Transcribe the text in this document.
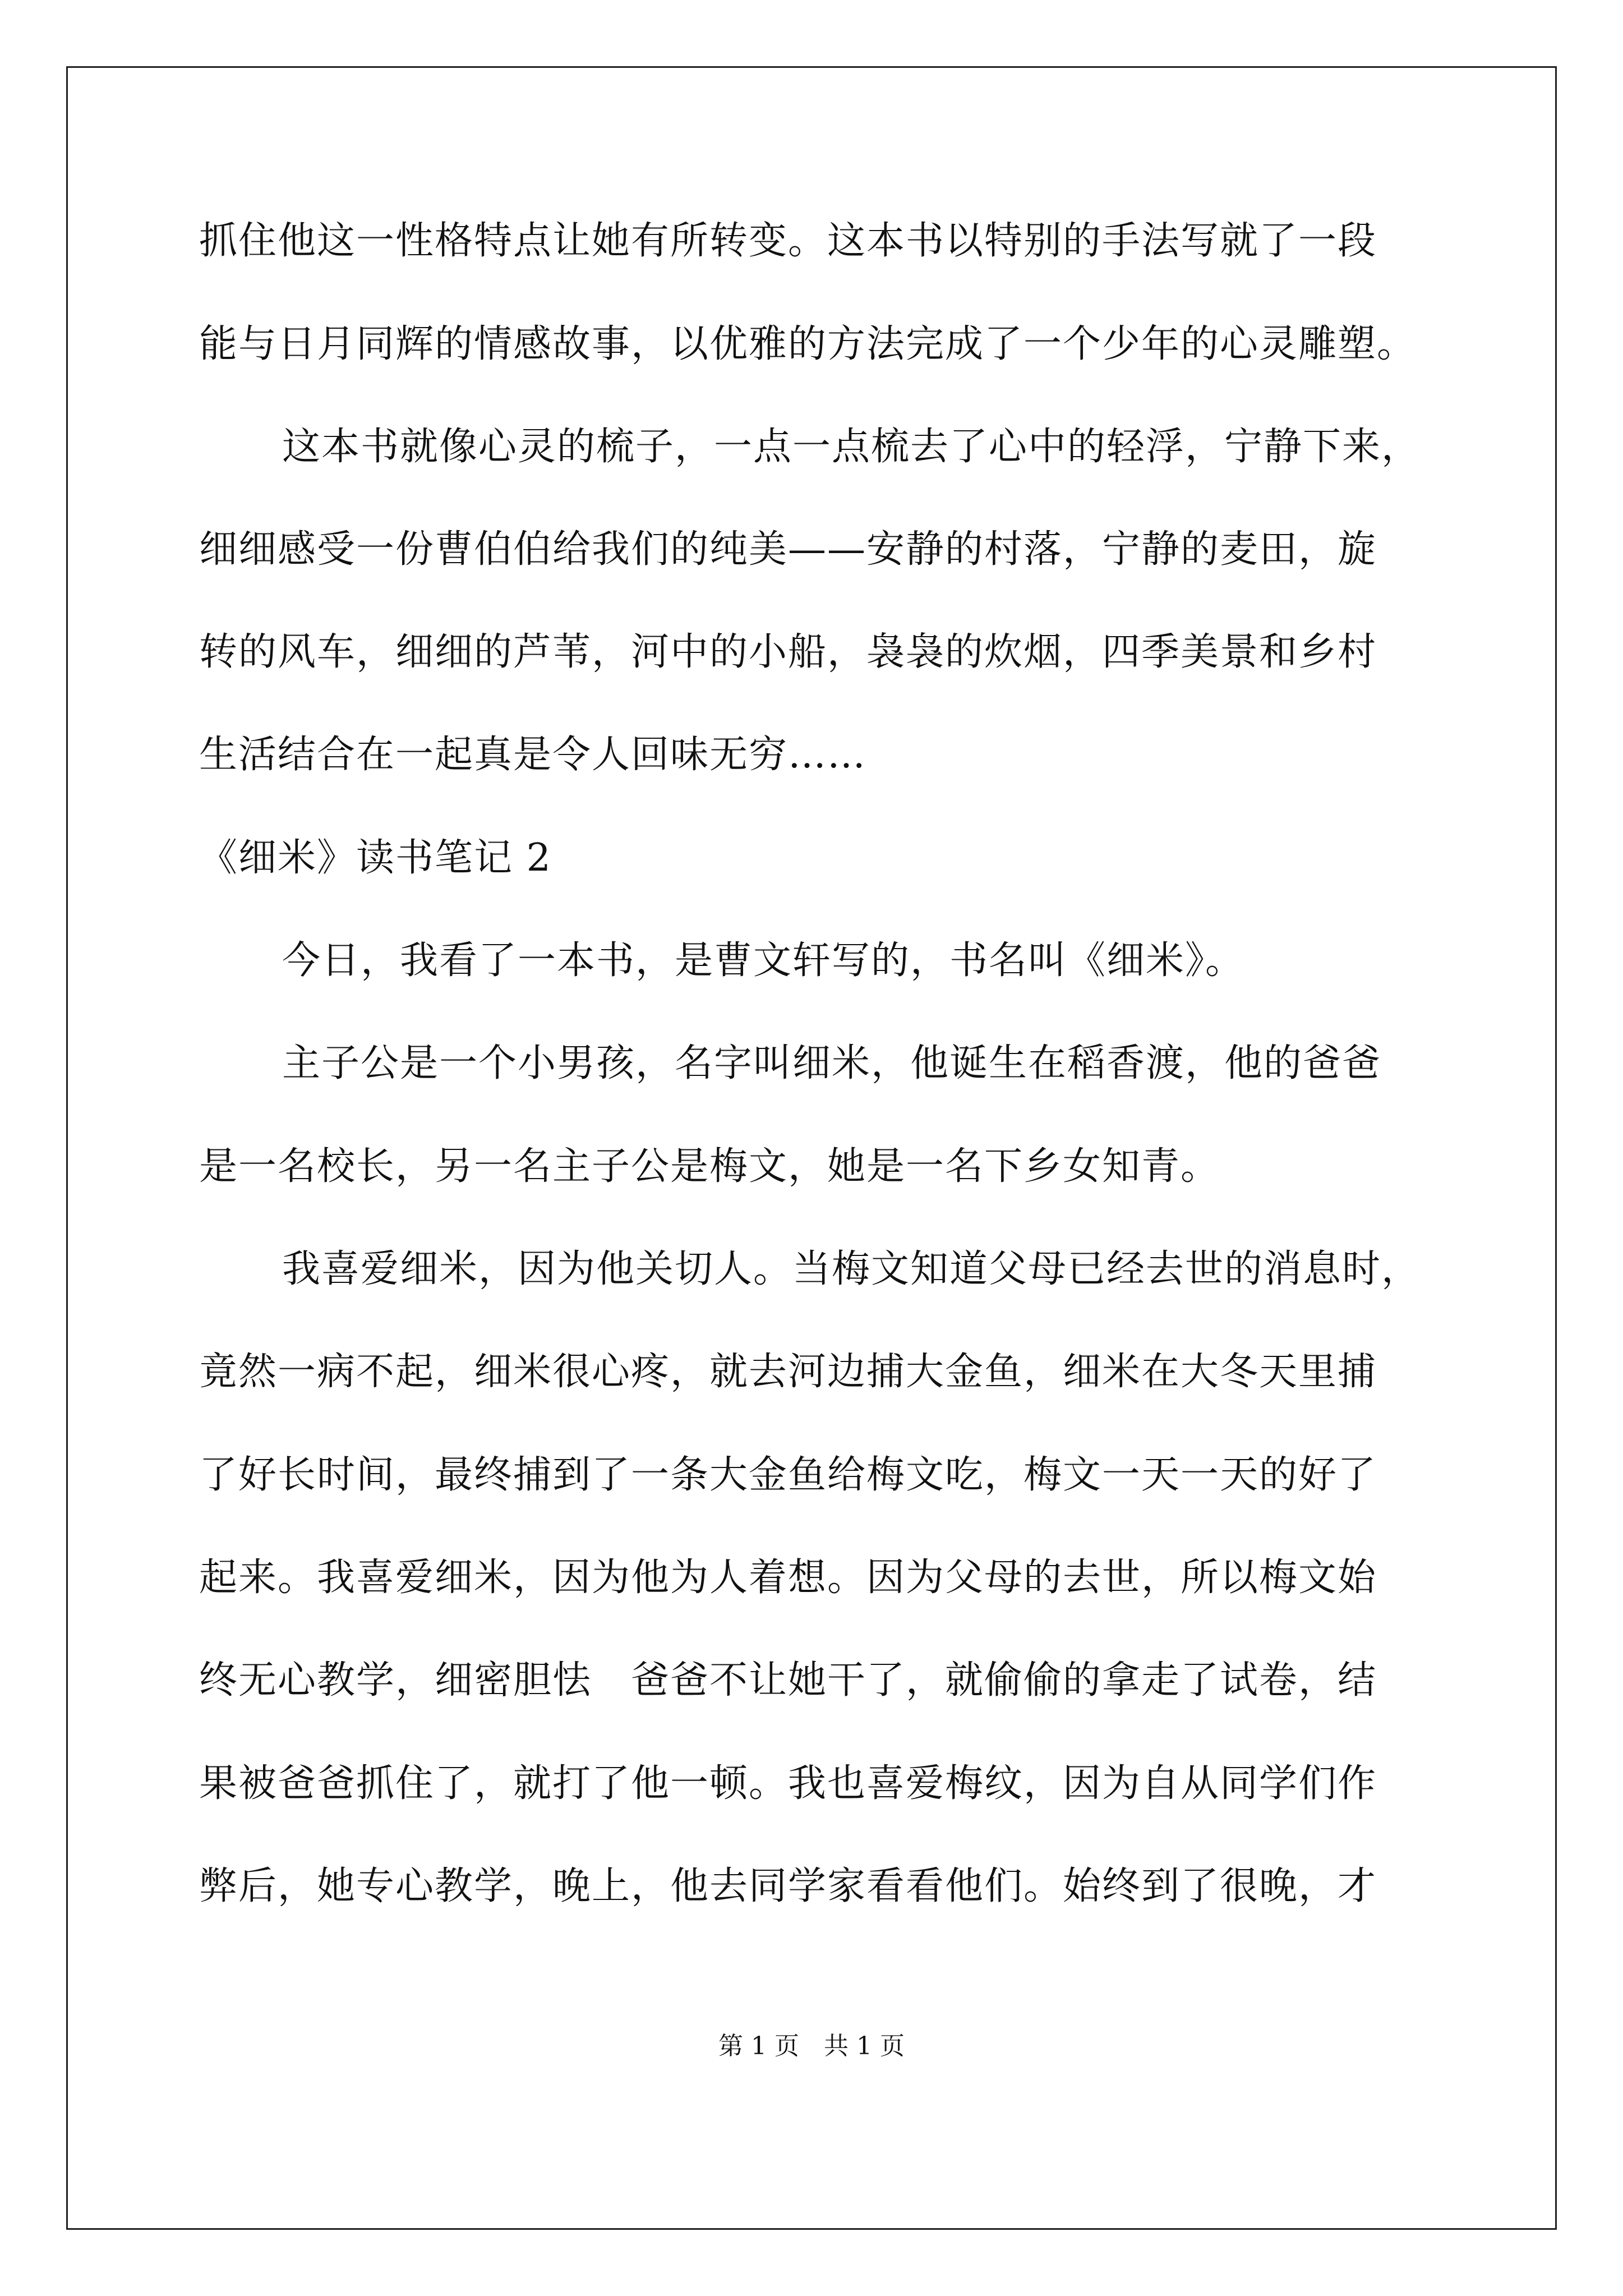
抓住他这一性格特点让她有所转变。这本书以特别的手法写就了一段
能与日月同辉的情感故事，以优雅的方法完成了一个少年的心灵雕塑。
这本书就像心灵的梳子，一点一点梳去了心中的轻浮，宁静下来，
细细感受一份曹伯伯给我们的纯美——安静的村落，宁静的麦田，旋
转的风车，细细的芦苇，河中的小船，袅袅的炊烟，四季美景和乡村
生活结合在一起真是令人回味无穷……
《细米》读书笔记 2
今日，我看了一本书，是曹文轩写的，书名叫《细米》。
主子公是一个小男孩，名字叫细米，他诞生在稻香渡，他的爸爸
是一名校长，另一名主子公是梅文，她是一名下乡女知青。
我喜爱细米，因为他关切人。当梅文知道父母已经去世的消息时，
竟然一病不起，细米很心疼，就去河边捕大金鱼，细米在大冬天里捕
了好长时间，最终捕到了一条大金鱼给梅文吃，梅文一天一天的好了
起来。我喜爱细米，因为他为人着想。因为父母的去世，所以梅文始
终无心教学，细密胆怯　爸爸不让她干了，就偷偷的拿走了试卷，结
果被爸爸抓住了，就打了他一顿。我也喜爱梅纹，因为自从同学们作
弊后，她专心教学，晚上，他去同学家看看他们。始终到了很晚，才
第 1 页　共 1 页
